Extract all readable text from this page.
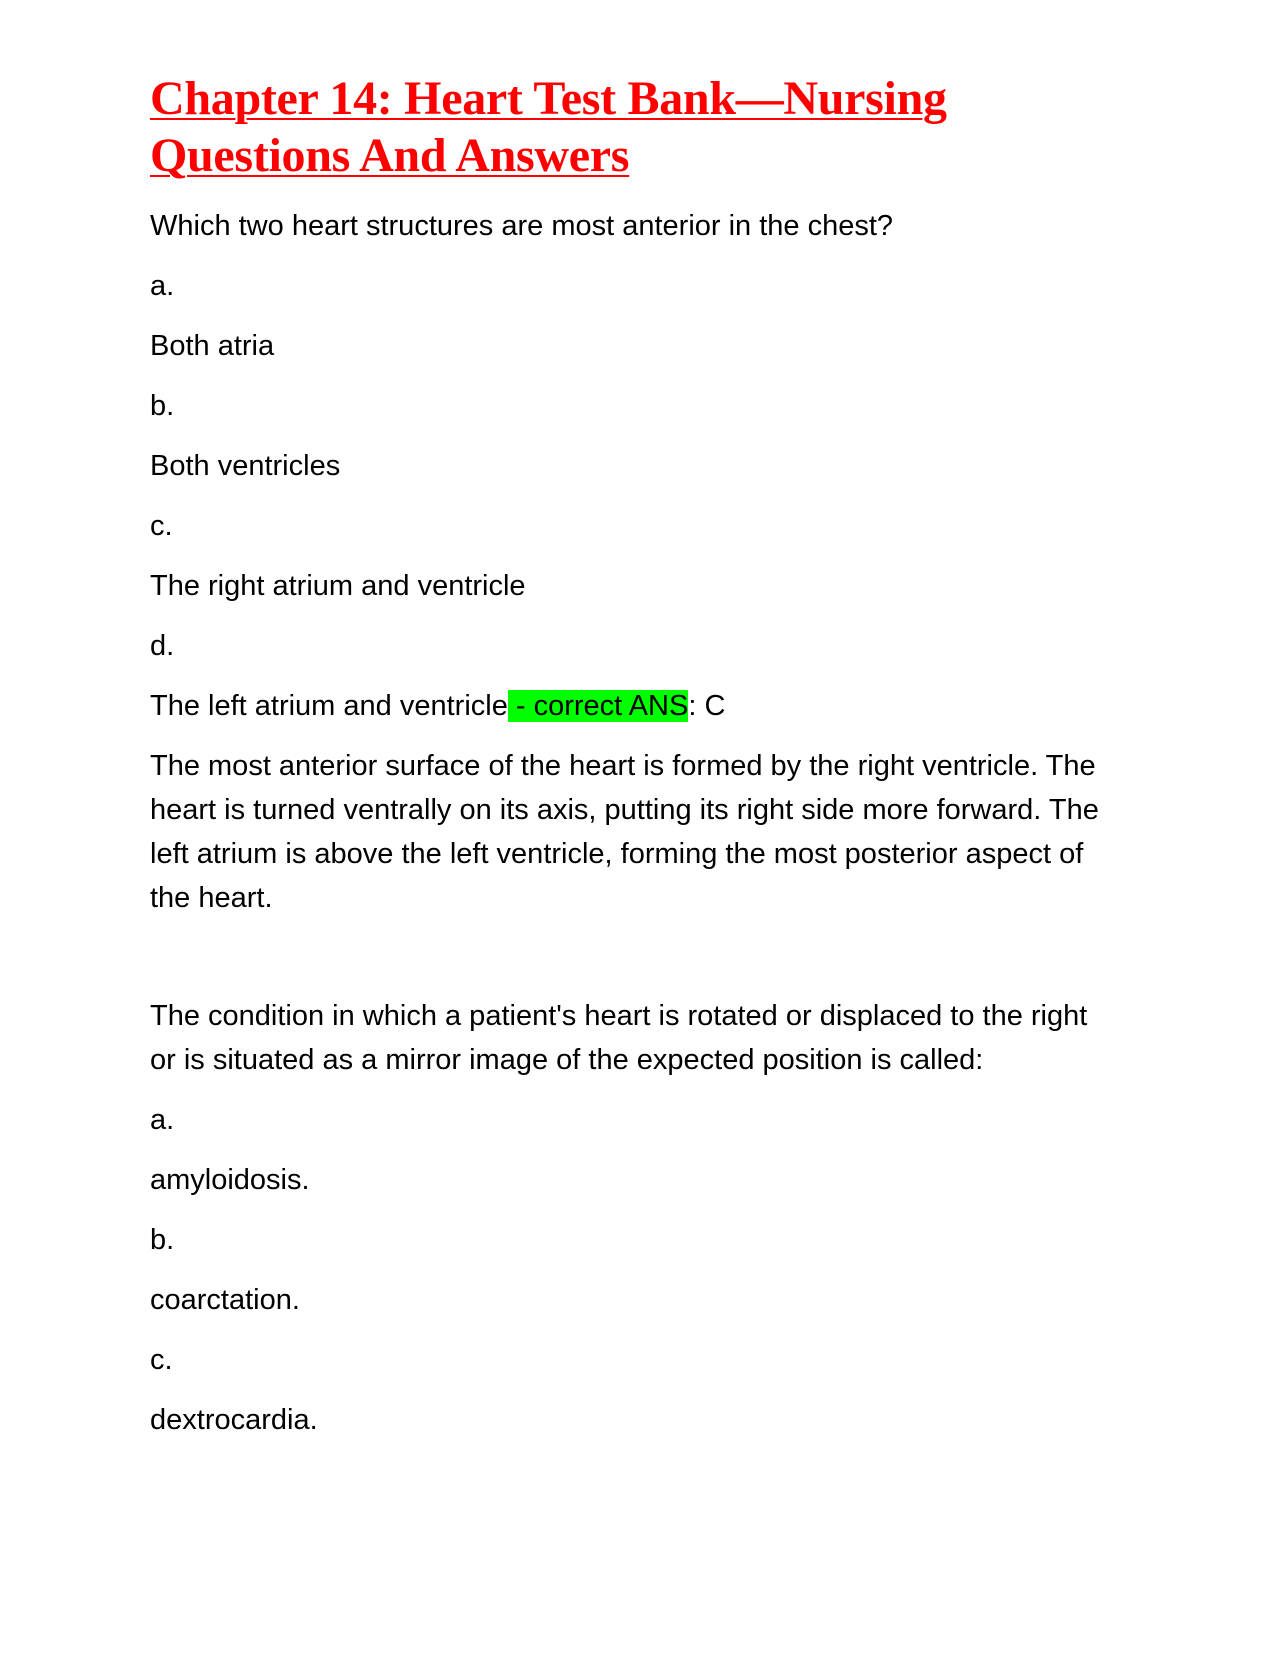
Chapter 14: Heart Test Bank—Nursing Questions And Answers

Which two heart structures are most anterior in the chest?

a.

Both atria

b.

Both ventricles

c.

The right atrium and ventricle

d.

The left atrium and ventricle - correct ANS: C

The most anterior surface of the heart is formed by the right ventricle. The heart is turned ventrally on its axis, putting its right side more forward. The left atrium is above the left ventricle, forming the most posterior aspect of the heart.

The condition in which a patient's heart is rotated or displaced to the right or is situated as a mirror image of the expected position is called:

a.

amyloidosis.

b.

coarctation.

c.

dextrocardia.
